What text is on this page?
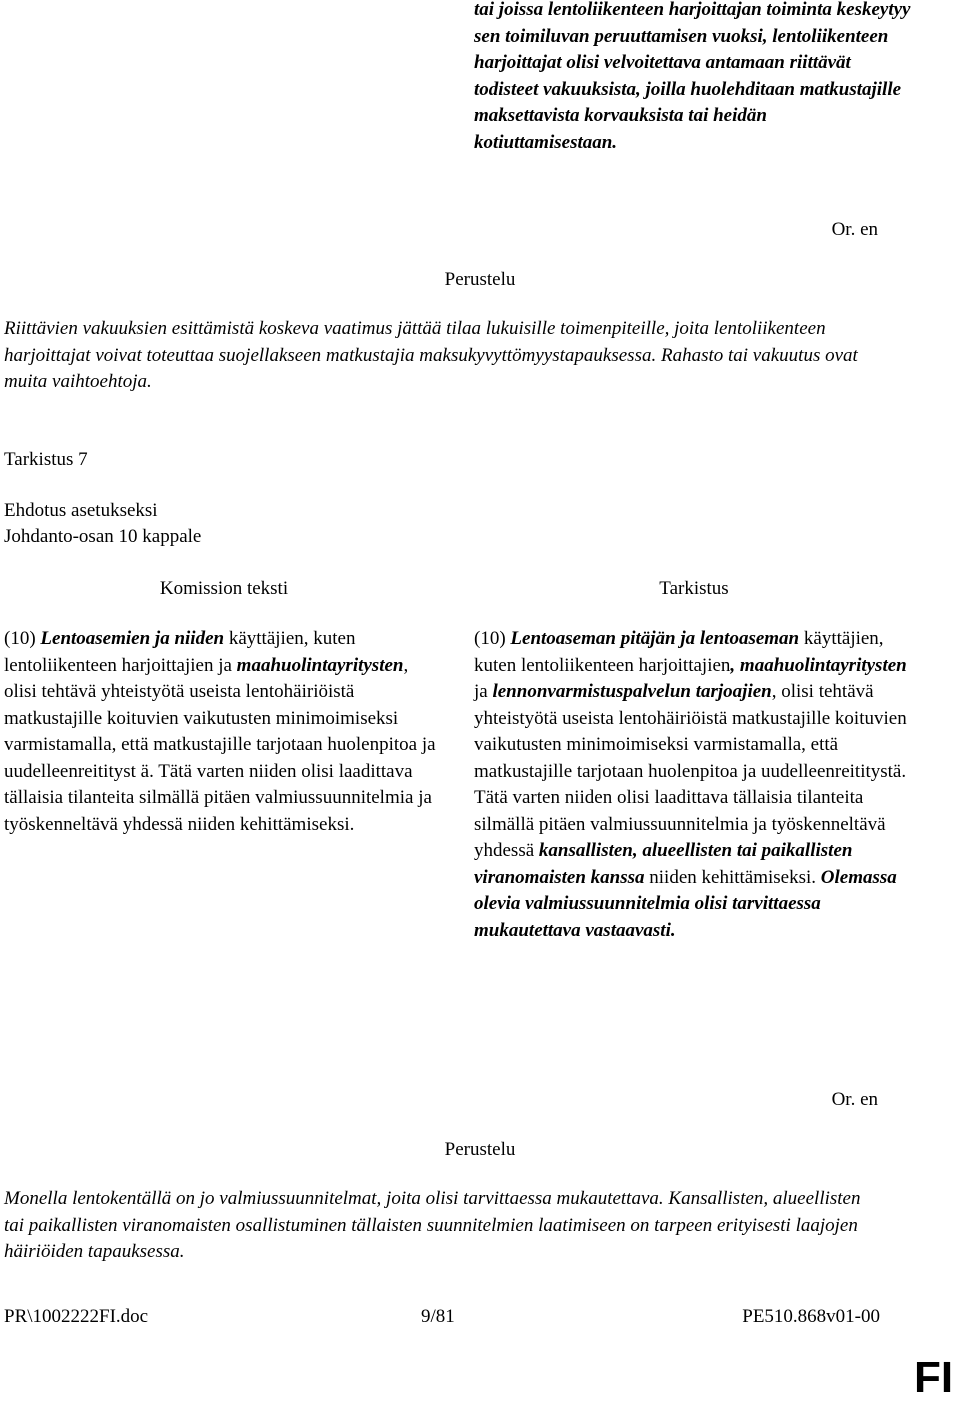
tai joissa lentoliikenteen harjoittajan toiminta keskeytyy sen toimiluvan peruuttamisen vuoksi, lentoliikenteen harjoittajat olisi velvoitettava antamaan riittävät todisteet vakuuksista, joilla huolehditaan matkustajille maksettavista korvauksista tai heidän kotiuttamisestaan.
Or. en
Perustelu
Riittävien vakuuksien esittämistä koskeva vaatimus jättää tilaa lukuisille toimenpiteille, joita lentoliikenteen harjoittajat voivat toteuttaa suojellakseen matkustajia maksukyvyttömyystapauksessa. Rahasto tai vakuutus ovat muita vaihtoehtoja.
Tarkistus 7
Ehdotus asetukseksi
Johdanto-osan 10 kappale
Komission teksti	Tarkistus
(10) Lentoasemien ja niiden käyttäjien, kuten lentoliikenteen harjoittajien ja maahuolintayritysten, olisi tehtävä yhteistyötä useista lentohäiriöistä matkustajille koituvien vaikutusten minimoimiseksi varmistamalla, että matkustajille tarjotaan huolenpitoa ja uudelleenreitityst ä. Tätä varten niiden olisi laadittava tällaisia tilanteita silmällä pitäen valmiussuunnitelmia ja työskenneltävä yhdessä niiden kehittämiseksi.
(10) Lentoaseman pitäjän ja lentoaseman käyttäjien, kuten lentoliikenteen harjoittajien, maahuolintayritysten ja lennonvarmistuspalvelun tarjoajien, olisi tehtävä yhteistyötä useista lentohäiriöistä matkustajille koituvien vaikutusten minimoimiseksi varmistamalla, että matkustajille tarjotaan huolenpitoa ja uudelleenreititystä. Tätä varten niiden olisi laadittava tällaisia tilanteita silmällä pitäen valmiussuunnitelmia ja työskenneltävä yhdessä kansallisten, alueellisten tai paikallisten viranomaisten kanssa niiden kehittämiseksi. Olemassa olevia valmiussuunnitelmia olisi tarvittaessa mukautettava vastaavasti.
Or. en
Perustelu
Monella lentokentällä on jo valmiussuunnitelmat, joita olisi tarvittaessa mukautettava. Kansallisten, alueellisten tai paikallisten viranomaisten osallistuminen tällaisten suunnitelmien laatimiseen on tarpeen erityisesti laajojen häiriöiden tapauksessa.
PR\1002222FI.doc	9/81	PE510.868v01-00
FI
